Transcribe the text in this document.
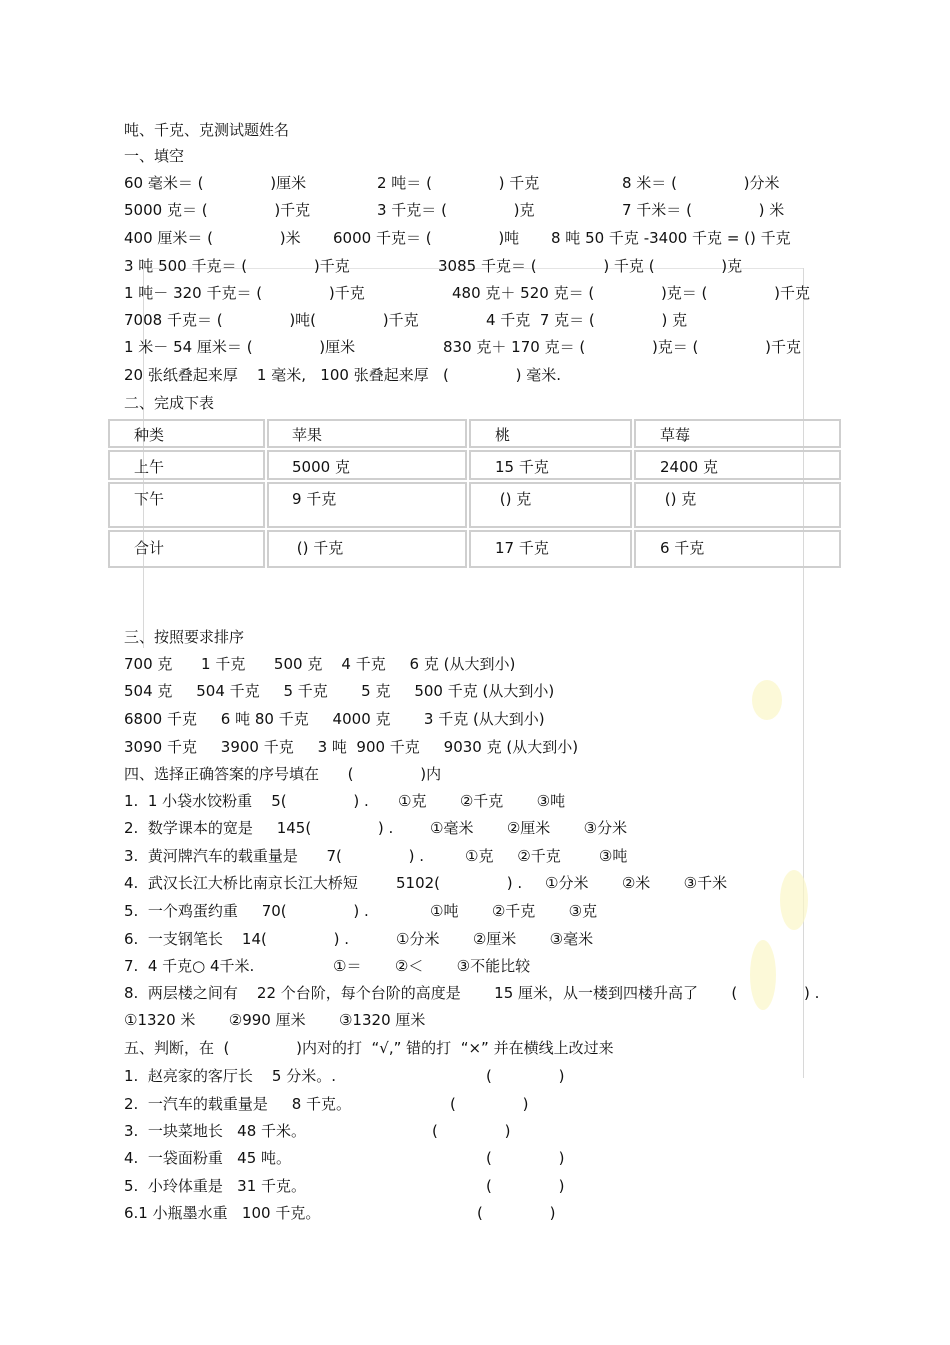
吨、千克、克测试题姓名
一、填空
60 毫米＝ (              )厘米	2 吨＝ (              ) 千克	8 米＝ (              )分米
5000 克＝ (              )千克	3 千克＝ (              )克	7 千米＝ (              ) 米
400 厘米＝ (              )米 6000 千克＝ (              )吨 8 吨 50 千克 -3400 千克 = () 千克
3 吨 500 千克＝ (              )千克	3085 千克＝ (              ) 千克 (              )克
1 吨－ 320 千克＝ (              )千克	480 克＋ 520 克＝ (              )克＝ (              )千克
7008 千克＝ (              )吨(              )千克	4 千克  7 克＝ (              ) 克
1 米－ 54 厘米＝ (              )厘米	830 克＋ 170 克＝ (              )克＝ (              )千克
20 张纸叠起来厚    1 毫米,   100 张叠起来厚   (              ) 毫米.
二、完成下表
种类	苹果	桃	草莓
上午	5000 克	15 千克	2400 克
下午	9 千克	() 克	() 克
合计	() 千克	17 千克	6 千克
三、按照要求排序
700 克      1 千克      500 克    4 千克     6 克 (从大到小)
504 克     504 千克     5 千克       5 克     500 千克 (从大到小)
6800 千克     6 吨 80 千克     4000 克       3 千克 (从大到小)
3090 千克     3900 千克     3 吨  900 千克     9030 克 (从大到小)
四、选择正确答案的序号填在      (              )内
1.  1 小袋水饺粉重    5(              ) . ①克       ②千克       ③吨
2.  数学课本的宽是     145(              ) . ①毫米       ②厘米       ③分米
3.  黄河牌汽车的载重量是      7(              ) .	①克     ②千克        ③吨
4.  武汉长江大桥比南京长江大桥短        5102(              ) . ①分米       ②米       ③千米
5.  一个鸡蛋约重     70(              ) .	①吨       ②千克       ③克
6.  一支钢笔长    14(              ) .	①分米       ②厘米       ③毫米
7.  4 千克○ 4千米.	①＝       ②＜       ③不能比较
8.  两层楼之间有    22 个台阶，每个台阶的高度是       15 厘米，从一楼到四楼升高了       (              ) .
①1320 米       ②990 厘米       ③1320 厘米
五、判断，在  (              )内对的打  “√,” 错的打  “×” 并在横线上改过来
1.  赵亮家的客厅长    5 分米。.	(              )
2.  一汽车的载重量是     8 千克。	(              )
3.  一块菜地长   48 千米。	(              )
4.  一袋面粉重   45 吨。	(              )
5.  小玲体重是   31 千克。	(              )
6.1 小瓶墨水重   100 千克。	(              )
